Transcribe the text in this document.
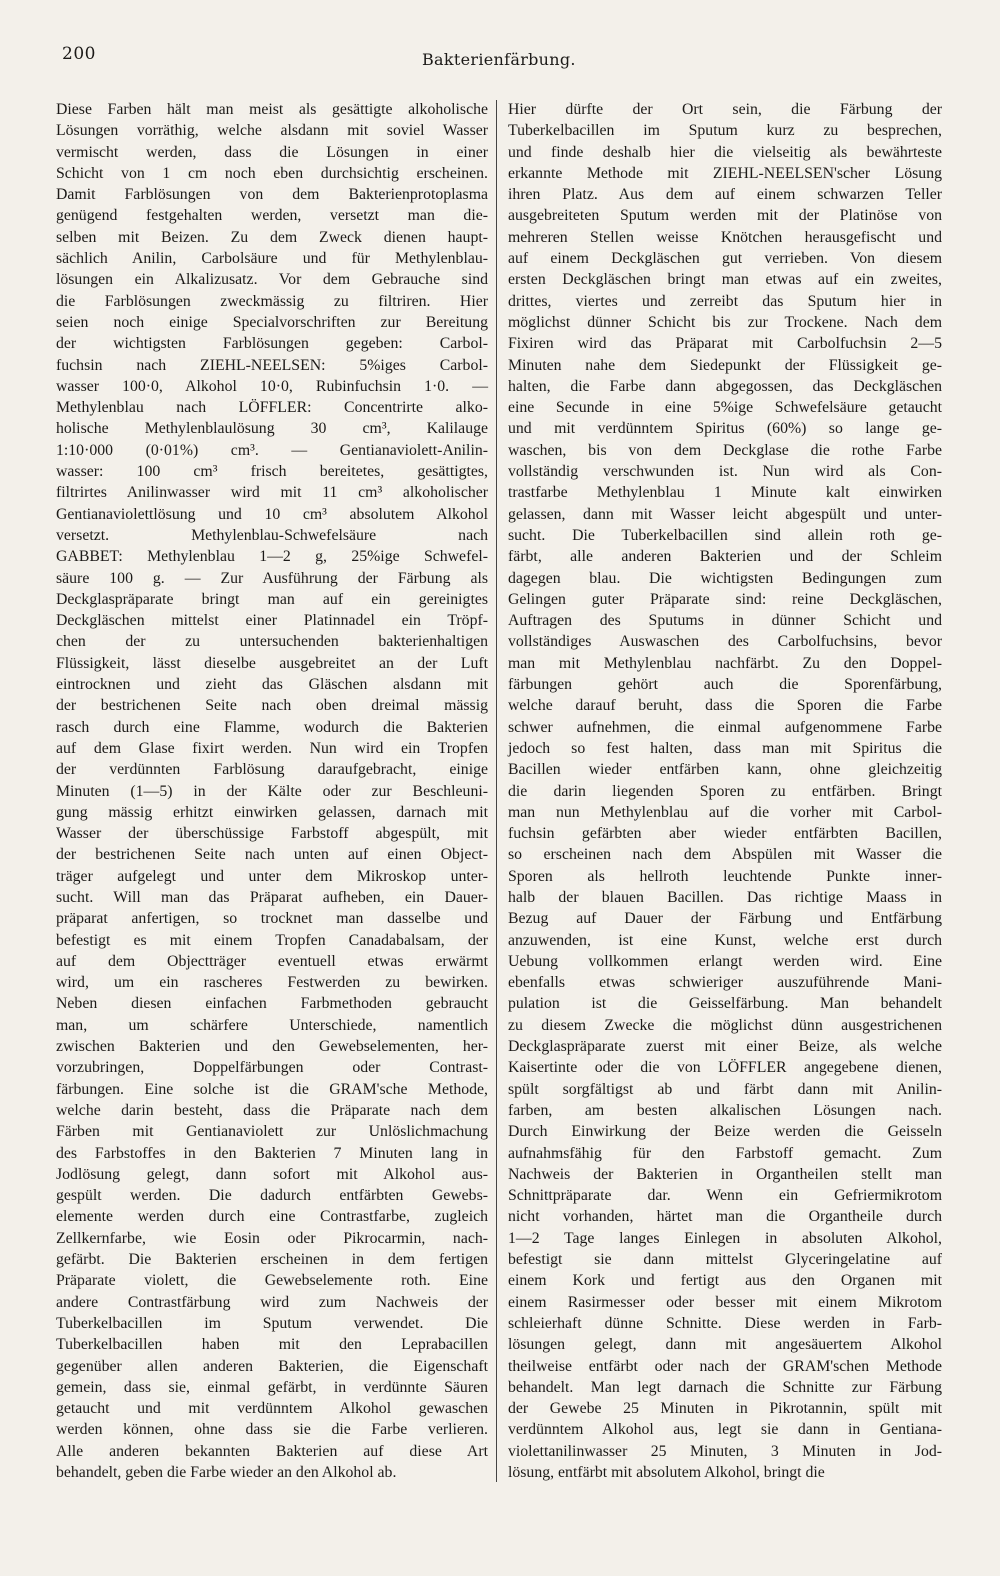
200	Bakterienfärbung.
Diese Farben hält man meist als gesättigte alkoholische
Lösungen vorräthig, welche alsdann mit soviel Wasser
vermischt werden, dass die Lösungen in einer
Schicht von 1 cm noch eben durchsichtig erscheinen.
Damit Farblösungen von dem Bakterienprotoplasma
genügend festgehalten werden, versetzt man die-
selben mit Beizen. Zu dem Zweck dienen haupt-
sächlich Anilin, Carbolsäure und für Methylenblau-
lösungen ein Alkalizusatz. Vor dem Gebrauche sind
die Farblösungen zweckmässig zu filtriren. Hier
seien noch einige Specialvorschriften zur Bereitung
der wichtigsten Farblösungen gegeben: Carbol-
fuchsin nach ZIEHL-NEELSEN: 5%iges Carbol-
wasser 100·0, Alkohol 10·0, Rubinfuchsin 1·0. —
Methylenblau nach LÖFFLER: Concentrirte alko-
holische Methylenblaulösung 30 cm³, Kalilauge
1:10·000 (0·01%) cm³. — Gentianaviolett-Anilin-
wasser: 100 cm³ frisch bereitetes, gesättigtes,
filtrirtes Anilinwasser wird mit 11 cm³ alkoholischer
Gentianaviolettlösung und 10 cm³ absolutem Alkohol
versetzt. Methylenblau-Schwefelsäure nach
GABBET: Methylenblau 1—2 g, 25%ige Schwefel-
säure 100 g. — Zur Ausführung der Färbung als
Deckglaspräparate bringt man auf ein gereinigtes
Deckgläschen mittelst einer Platinnadel ein Tröpf-
chen der zu untersuchenden bakterienhaltigen
Flüssigkeit, lässt dieselbe ausgebreitet an der Luft
eintrocknen und zieht das Gläschen alsdann mit
der bestrichenen Seite nach oben dreimal mässig
rasch durch eine Flamme, wodurch die Bakterien
auf dem Glase fixirt werden. Nun wird ein Tropfen
der verdünnten Farblösung daraufgebracht, einige
Minuten (1—5) in der Kälte oder zur Beschleuni-
gung mässig erhitzt einwirken gelassen, darnach mit
Wasser der überschüssige Farbstoff abgespült, mit
der bestrichenen Seite nach unten auf einen Object-
träger aufgelegt und unter dem Mikroskop unter-
sucht. Will man das Präparat aufheben, ein Dauer-
präparat anfertigen, so trocknet man dasselbe und
befestigt es mit einem Tropfen Canadabalsam, der
auf dem Objectträger eventuell etwas erwärmt
wird, um ein rascheres Festwerden zu bewirken.
Neben diesen einfachen Farbmethoden gebraucht
man, um schärfere Unterschiede, namentlich
zwischen Bakterien und den Gewebselementen, her-
vorzubringen, Doppelfärbungen oder Contrast-
färbungen. Eine solche ist die GRAM'sche Methode,
welche darin besteht, dass die Präparate nach dem
Färben mit Gentianaviolett zur Unlöslichmachung
des Farbstoffes in den Bakterien 7 Minuten lang in
Jodlösung gelegt, dann sofort mit Alkohol aus-
gespült werden. Die dadurch entfärbten Gewebs-
elemente werden durch eine Contrastfarbe, zugleich
Zellkernfarbe, wie Eosin oder Pikrocarmin, nach-
gefärbt. Die Bakterien erscheinen in dem fertigen
Präparate violett, die Gewebselemente roth. Eine
andere Contrastfärbung wird zum Nachweis der
Tuberkelbacillen im Sputum verwendet. Die
Tuberkelbacillen haben mit den Leprabacillen
gegenüber allen anderen Bakterien, die Eigenschaft
gemein, dass sie, einmal gefärbt, in verdünnte Säuren
getaucht und mit verdünntem Alkohol gewaschen
werden können, ohne dass sie die Farbe verlieren.
Alle anderen bekannten Bakterien auf diese Art
behandelt, geben die Farbe wieder an den Alkohol ab.
Hier dürfte der Ort sein, die Färbung der
Tuberkelbacillen im Sputum kurz zu besprechen,
und finde deshalb hier die vielseitig als bewährteste
erkannte Methode mit ZIEHL-NEELSEN'scher Lösung
ihren Platz. Aus dem auf einem schwarzen Teller
ausgebreiteten Sputum werden mit der Platinöse von
mehreren Stellen weisse Knötchen herausgefischt und
auf einem Deckgläschen gut verrieben. Von diesem
ersten Deckgläschen bringt man etwas auf ein zweites,
drittes, viertes und zerreibt das Sputum hier in
möglichst dünner Schicht bis zur Trockene. Nach dem
Fixiren wird das Präparat mit Carbolfuchsin 2—5
Minuten nahe dem Siedepunkt der Flüssigkeit ge-
halten, die Farbe dann abgegossen, das Deckgläschen
eine Secunde in eine 5%ige Schwefelsäure getaucht
und mit verdünntem Spiritus (60%) so lange ge-
waschen, bis von dem Deckglase die rothe Farbe
vollständig verschwunden ist. Nun wird als Con-
trastfarbe Methylenblau 1 Minute kalt einwirken
gelassen, dann mit Wasser leicht abgespült und unter-
sucht. Die Tuberkelbacillen sind allein roth ge-
färbt, alle anderen Bakterien und der Schleim
dagegen blau. Die wichtigsten Bedingungen zum
Gelingen guter Präparate sind: reine Deckgläschen,
Auftragen des Sputums in dünner Schicht und
vollständiges Auswaschen des Carbolfuchsins, bevor
man mit Methylenblau nachfärbt. Zu den Doppel-
färbungen gehört auch die Sporenfärbung,
welche darauf beruht, dass die Sporen die Farbe
schwer aufnehmen, die einmal aufgenommene Farbe
jedoch so fest halten, dass man mit Spiritus die
Bacillen wieder entfärben kann, ohne gleichzeitig
die darin liegenden Sporen zu entfärben. Bringt
man nun Methylenblau auf die vorher mit Carbol-
fuchsin gefärbten aber wieder entfärbten Bacillen,
so erscheinen nach dem Abspülen mit Wasser die
Sporen als hellroth leuchtende Punkte inner-
halb der blauen Bacillen. Das richtige Maass in
Bezug auf Dauer der Färbung und Entfärbung
anzuwenden, ist eine Kunst, welche erst durch
Uebung vollkommen erlangt werden wird. Eine
ebenfalls etwas schwieriger auszuführende Mani-
pulation ist die Geisselfärbung. Man behandelt
zu diesem Zwecke die möglichst dünn ausgestrichenen
Deckglaspräparate zuerst mit einer Beize, als welche
Kaisertinte oder die von LÖFFLER angegebene dienen,
spült sorgfältigst ab und färbt dann mit Anilin-
farben, am besten alkalischen Lösungen nach.
Durch Einwirkung der Beize werden die Geisseln
aufnahmsfähig für den Farbstoff gemacht. Zum
Nachweis der Bakterien in Organtheilen stellt man
Schnittpräparate dar. Wenn ein Gefriermikrotom
nicht vorhanden, härtet man die Organtheile durch
1—2 Tage langes Einlegen in absoluten Alkohol,
befestigt sie dann mittelst Glyceringelatine auf
einem Kork und fertigt aus den Organen mit
einem Rasirmesser oder besser mit einem Mikrotom
schleierhaft dünne Schnitte. Diese werden in Farb-
lösungen gelegt, dann mit angesäuertem Alkohol
theilweise entfärbt oder nach der GRAM'schen Methode
behandelt. Man legt darnach die Schnitte zur Färbung
der Gewebe 25 Minuten in Pikrotannin, spült mit
verdünntem Alkohol aus, legt sie dann in Gentiana-
violettanilinwasser 25 Minuten, 3 Minuten in Jod-
lösung, entfärbt mit absolutem Alkohol, bringt die
